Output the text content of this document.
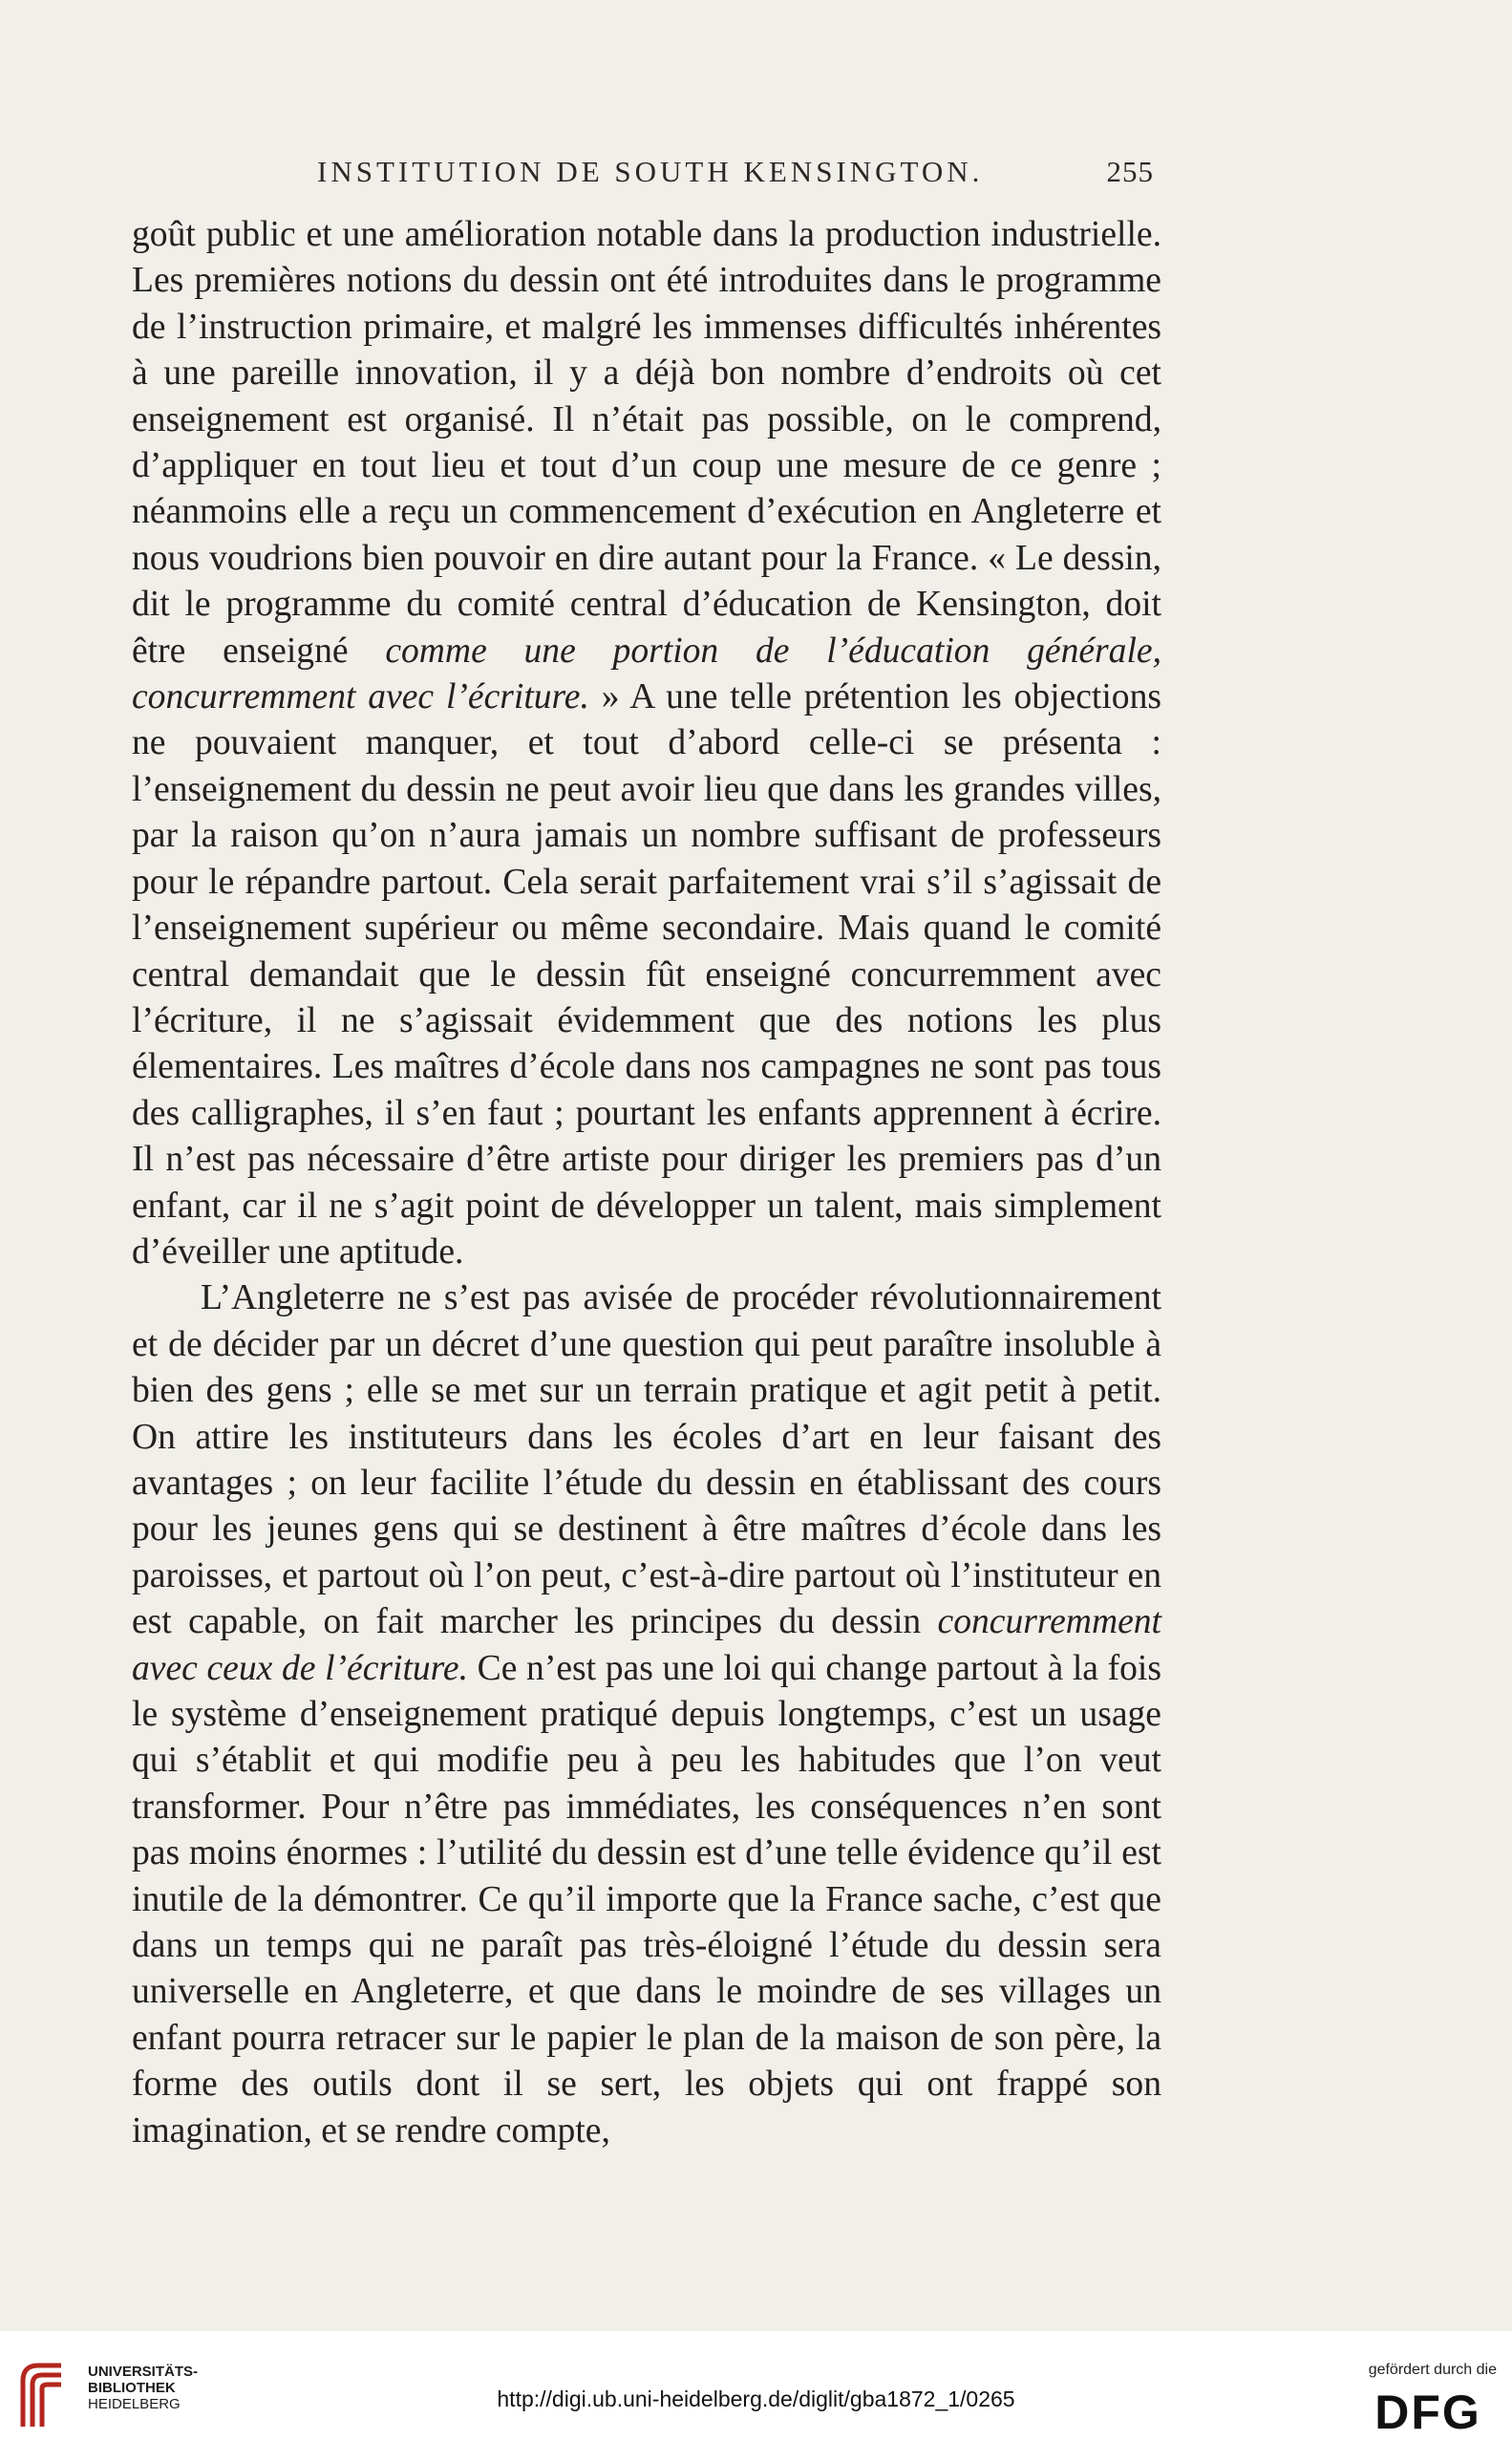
INSTITUTION DE SOUTH KENSINGTON.	255

goût public et une amélioration notable dans la production industrielle. Les premières notions du dessin ont été introduites dans le programme de l’instruction primaire, et malgré les immenses difficultés inhérentes à une pareille innovation, il y a déjà bon nombre d’endroits où cet enseignement est organisé. Il n’était pas possible, on le comprend, d’appliquer en tout lieu et tout d’un coup une mesure de ce genre ; néanmoins elle a reçu un commencement d’exécution en Angleterre et nous voudrions bien pouvoir en dire autant pour la France. « Le dessin, dit le programme du comité central d’éducation de Kensington, doit être enseigné comme une portion de l’éducation générale, concurremment avec l’écriture. » A une telle prétention les objections ne pouvaient manquer, et tout d’abord celle-ci se présenta : l’enseignement du dessin ne peut avoir lieu que dans les grandes villes, par la raison qu’on n’aura jamais un nombre suffisant de professeurs pour le répandre partout. Cela serait parfaitement vrai s’il s’agissait de l’enseignement supérieur ou même secondaire. Mais quand le comité central demandait que le dessin fût enseigné concurremment avec l’écriture, il ne s’agissait évidemment que des notions les plus élementaires. Les maîtres d’école dans nos campagnes ne sont pas tous des calligraphes, il s’en faut ; pourtant les enfants apprennent à écrire. Il n’est pas nécessaire d’être artiste pour diriger les premiers pas d’un enfant, car il ne s’agit point de développer un talent, mais simplement d’éveiller une aptitude.

L’Angleterre ne s’est pas avisée de procéder révolutionnairement et de décider par un décret d’une question qui peut paraître insoluble à bien des gens ; elle se met sur un terrain pratique et agit petit à petit. On attire les instituteurs dans les écoles d’art en leur faisant des avantages ; on leur facilite l’étude du dessin en établissant des cours pour les jeunes gens qui se destinent à être maîtres d’école dans les paroisses, et partout où l’on peut, c’est-à-dire partout où l’instituteur en est capable, on fait marcher les principes du dessin concurremment avec ceux de l’écriture. Ce n’est pas une loi qui change partout à la fois le système d’enseignement pratiqué depuis longtemps, c’est un usage qui s’établit et qui modifie peu à peu les habitudes que l’on veut transformer. Pour n’être pas immédiates, les conséquences n’en sont pas moins énormes : l’utilité du dessin est d’une telle évidence qu’il est inutile de la démontrer. Ce qu’il importe que la France sache, c’est que dans un temps qui ne paraît pas très-éloigné l’étude du dessin sera universelle en Angleterre, et que dans le moindre de ses villages un enfant pourra retracer sur le papier le plan de la maison de son père, la forme des outils dont il se sert, les objets qui ont frappé son imagination, et se rendre compte,

UNIVERSITÄTS-
BIBLIOTHEK
HEIDELBERG	http://digi.ub.uni-heidelberg.de/diglit/gba1872_1/0265
gefördert durch die
DFG
